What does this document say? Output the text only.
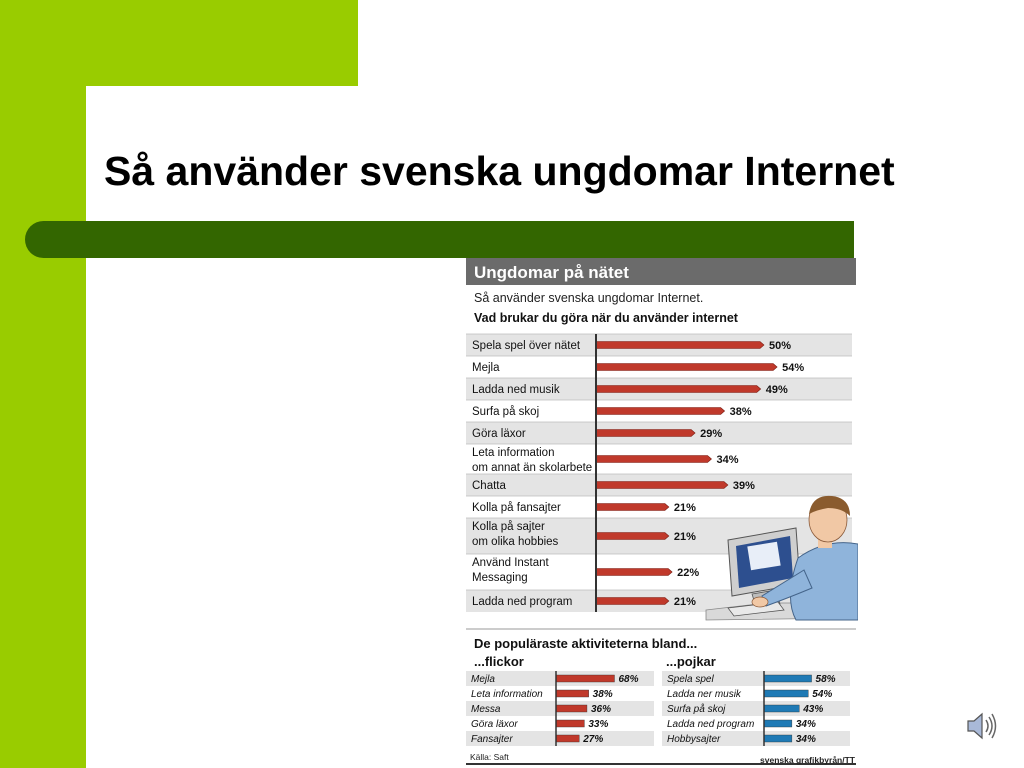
Så använder svenska ungdomar Internet
Ungdomar på nätet
Så använder svenska ungdomar Internet.
Vad brukar du göra när du använder internet
Spela spel över nätet	50%
Mejla	54%
Ladda ned musik	49%
Surfa på skoj	38%
Göra läxor	29%
Leta information
om annat än skolarbete
34%
Chatta	39%
Kolla på fansajter	21%
Kolla på sajter
om olika hobbies	21%
Använd Instant
Messaging	22%
Ladda ned program	21%
De populäraste aktiviteterna bland...
...flickor	...pojkar
Mejla	68%
Leta information	38%
Messa	36%
Göra läxor	33%
Fansajter	27%
Spela spel	58%
Ladda ner musik	54%
Surfa på skoj	43%
Ladda ned program	34%
Hobbysajter	34%
Källa: Saft	svenska grafikbyrån/TT
